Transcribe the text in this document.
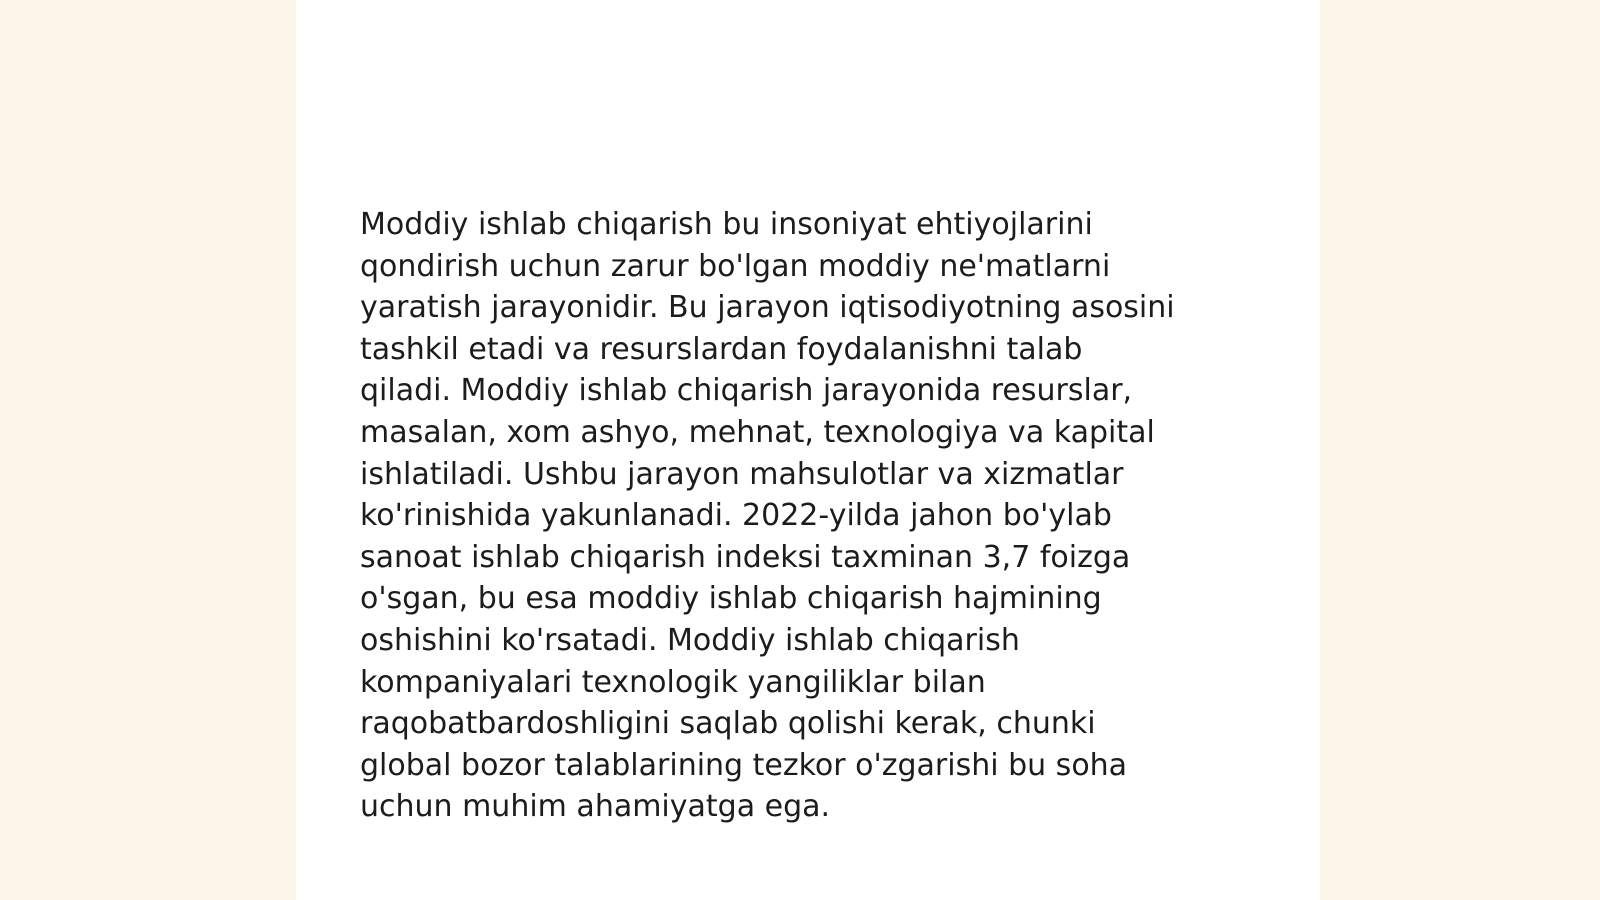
Moddiy ishlab chiqarish bu insoniyat ehtiyojlarini
qondirish uchun zarur bo'lgan moddiy ne'matlarni
yaratish jarayonidir. Bu jarayon iqtisodiyotning asosini
tashkil etadi va resurslardan foydalanishni talab
qiladi. Moddiy ishlab chiqarish jarayonida resurslar,
masalan, xom ashyo, mehnat, texnologiya va kapital
ishlatiladi. Ushbu jarayon mahsulotlar va xizmatlar
ko'rinishida yakunlanadi. 2022-yilda jahon bo'ylab
sanoat ishlab chiqarish indeksi taxminan 3,7 foizga
o'sgan, bu esa moddiy ishlab chiqarish hajmining
oshishini ko'rsatadi. Moddiy ishlab chiqarish
kompaniyalari texnologik yangiliklar bilan
raqobatbardoshligini saqlab qolishi kerak, chunki
global bozor talablarining tezkor o'zgarishi bu soha
uchun muhim ahamiyatga ega.
